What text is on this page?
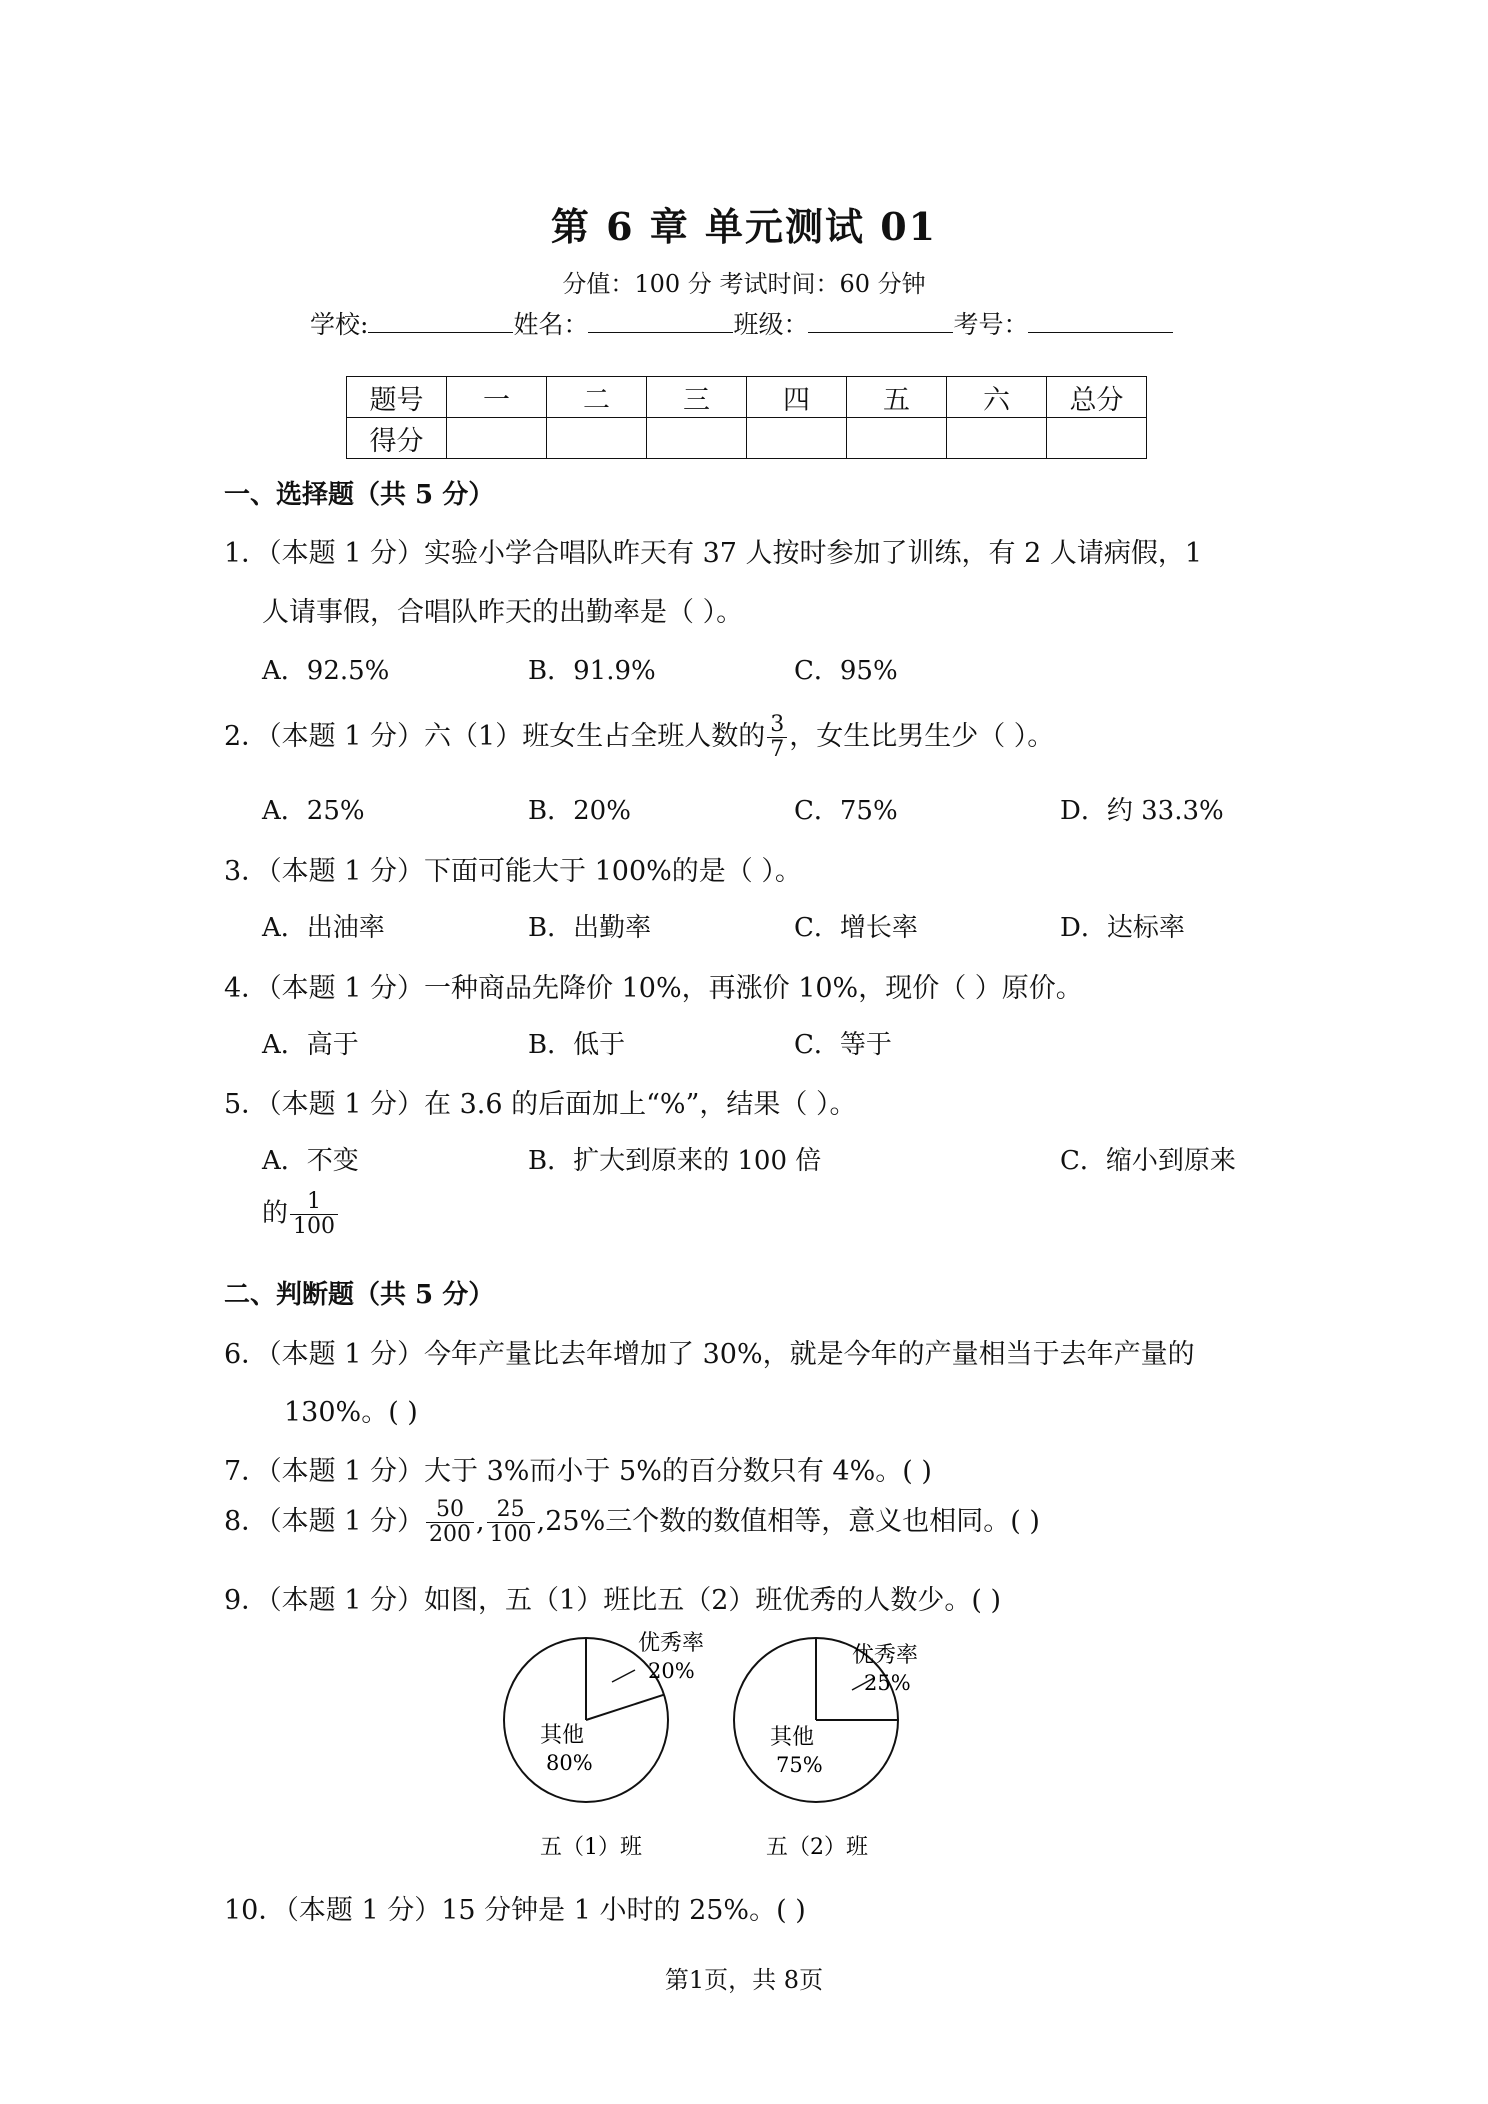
第 6 章 单元测试 01
分值：100 分 考试时间：60 分钟
学校:	姓名：	班级：	考号：
题号	一	二	三	四	五	六	总分
得分							
一、选择题（共 5 分）
1．（本题 1 分）实验小学合唱队昨天有 37 人按时参加了训练，有 2 人请病假，1
人请事假，合唱队昨天的出勤率是（ ）。
A．92.5%	B．91.9%	C．95%
2．（本题 1 分）六（1）班女生占全班人数的 $\frac{3}{7}$ ，女生比男生少（ ）。
A．25%	B．20%	C．75%	D．约 33.3%
3．（本题 1 分）下面可能大于 100%的是（ ）。
A．出油率	B．出勤率	C．增长率	D．达标率
4．（本题 1 分）一种商品先降价 10%，再涨价 10%，现价（ ）原价。
A．高于	B．低于	C．等于
5．（本题 1 分）在 3.6 的后面加上“%”，结果（ ）。
A．不变	B．扩大到原来的 100 倍	C．缩小到原来
的 $\frac{1}{100}$
二、判断题（共 5 分）
6．（本题 1 分）今年产量比去年增加了 30%，就是今年的产量相当于去年产量的
130%。( )
7．（本题 1 分）大于 3%而小于 5%的百分数只有 4%。( )
8．（本题 1 分） $\frac{50}{200}$ , $\frac{25}{100} ,25\%$三个数的数值相等，意义也相同。( )
9．（本题 1 分）如图，五（1）班比五（2）班优秀的人数少。( )
优秀率
20%
其他
80%
五（1）班
优秀率
25%
其他
75%
五（2）班
10．（本题 1 分）15 分钟是 1 小时的 25%。( )
第1页，共 8页
